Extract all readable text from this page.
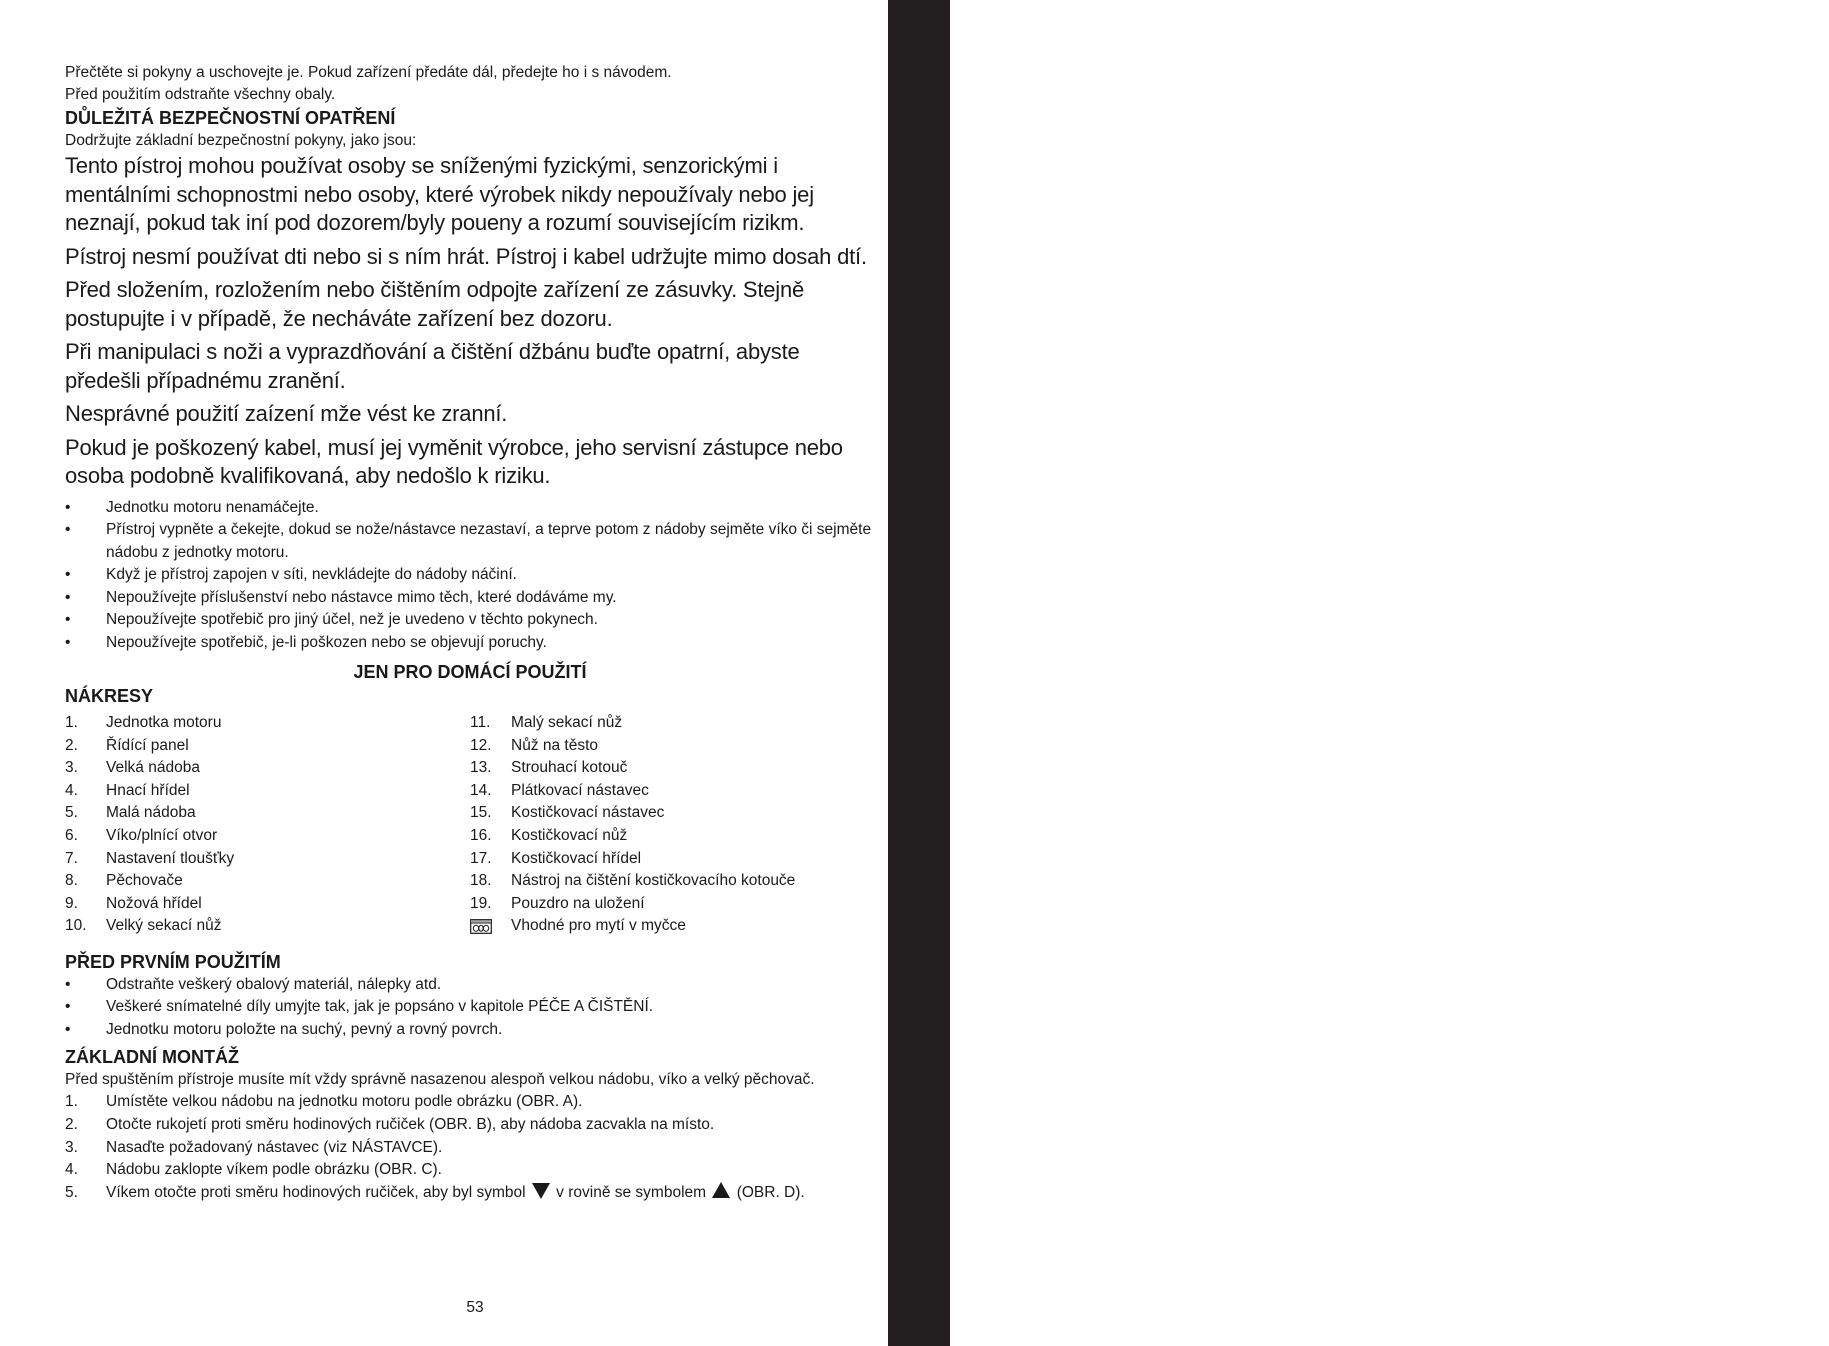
pokyny (Čeština)

Přečtěte si pokyny a uschovejte je. Pokud zařízení předáte dál, předejte ho i s návodem.

Před použitím odstraňte všechny obaly.

DŮLEŽITÁ BEZPEČNOSTNÍ OPATŘENÍ

Dodržujte základní bezpečnostní pokyny, jako jsou:

Tento pístroj mohou používat osoby se sníženými fyzickými, senzorickými i mentálními schopnostmi nebo osoby, které výrobek nikdy nepoužívaly nebo jej neznají, pokud tak iní pod dozorem/byly poueny a rozumí souvisejícím rizikm.

Pístroj nesmí používat dti nebo si s ním hrát. Pístroj i kabel udržujte mimo dosah dtí.

Před složením, rozložením nebo čištěním odpojte zařízení ze zásuvky. Stejně postupujte i v případě, že necháváte zařízení bez dozoru.

Při manipulaci s noži a vyprazdňování a čištění džbánu buďte opatrní, abyste předešli případnému zranění.

Nesprávné použití zaízení mže vést ke zranní.

Pokud je poškozený kabel, musí jej vyměnit výrobce, jeho servisní zástupce nebo osoba podobně kvalifikovaná, aby nedošlo k riziku.

• Jednotku motoru nenamáčejte.
• Přístroj vypněte a čekejte, dokud se nože/nástavce nezastaví, a teprve potom z nádoby sejměte víko či sejměte nádobu z jednotky motoru.
• Když je přístroj zapojen v síti, nevkládejte do nádoby náčiní.
• Nepoužívejte příslušenství nebo nástavce mimo těch, které dodáváme my.
• Nepoužívejte spotřebič pro jiný účel, než je uvedeno v těchto pokynech.
• Nepoužívejte spotřebič, je-li poškozen nebo se objevují poruchy.

JEN PRO DOMÁCÍ POUŽITÍ

NÁKRESY
1. Jednotka motoru
2. Řídící panel
3. Velká nádoba
4. Hnací hřídel
5. Malá nádoba
6. Víko/plnící otvor
7. Nastavení tloušťky
8. Pěchovače
9. Nožová hřídel
10. Velký sekací nůž
11. Malý sekací nůž
12. Nůž na těsto
13. Strouhací kotouč
14. Plátkovací nástavec
15. Kostičkovací nástavec
16. Kostičkovací nůž
17. Kostičkovací hřídel
18. Nástroj na čištění kostičkovacího kotouče
19. Pouzdro na uložení
Vhodné pro mytí v myčce
PŘED PRVNÍM POUŽITÍM
• Odstraňte veškerý obalový materiál, nálepky atd.
• Veškeré snímatelné díly umyjte tak, jak je popsáno v kapitole PÉČE A ČIŠTĚNÍ.
• Jednotku motoru položte na suchý, pevný a rovný povrch.
ZÁKLADNÍ MONTÁŽ

Před spuštěním přístroje musíte mít vždy správně nasazenou alespoň velkou nádobu, víko a velký pěchovač.

1. Umístěte velkou nádobu na jednotku motoru podle obrázku (OBR. A).
2. Otočte rukojetí proti směru hodinových ručiček (OBR. B), aby nádoba zacvakla na místo.
3. Nasaďte požadovaný nástavec (viz NÁSTAVCE).
4. Nádobu zaklopte víkem podle obrázku (OBR. C).
5. Víkem otočte proti směru hodinových ručiček, aby byl symbol v rovině se symbolem (OBR. D).
53
